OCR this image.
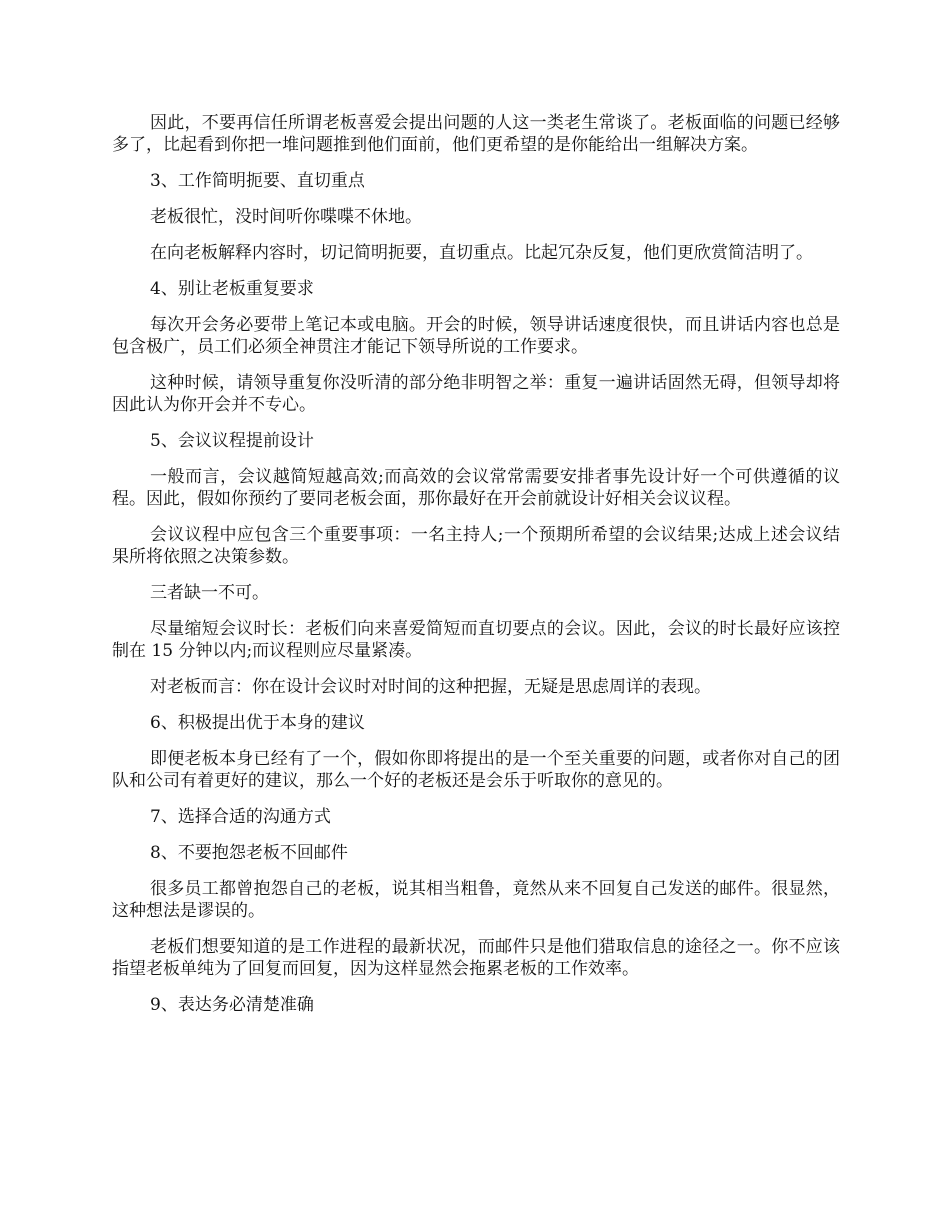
因此，不要再信任所谓老板喜爱会提出问题的人这一类老生常谈了。老板面临的问题已经够多了，比起看到你把一堆问题推到他们面前，他们更希望的是你能给出一组解决方案。

3、工作简明扼要、直切重点

老板很忙，没时间听你喋喋不休地。

在向老板解释内容时，切记简明扼要，直切重点。比起冗杂反复，他们更欣赏简洁明了。

4、别让老板重复要求

每次开会务必要带上笔记本或电脑。开会的时候，领导讲话速度很快，而且讲话内容也总是包含极广，员工们必须全神贯注才能记下领导所说的工作要求。

这种时候，请领导重复你没听清的部分绝非明智之举：重复一遍讲话固然无碍，但领导却将因此认为你开会并不专心。

5、会议议程提前设计

一般而言，会议越简短越高效;而高效的会议常常需要安排者事先设计好一个可供遵循的议程。因此，假如你预约了要同老板会面，那你最好在开会前就设计好相关会议议程。

会议议程中应包含三个重要事项：一名主持人;一个预期所希望的会议结果;达成上述会议结果所将依照之决策参数。

三者缺一不可。

尽量缩短会议时长：老板们向来喜爱简短而直切要点的会议。因此，会议的时长最好应该控制在 15 分钟以内;而议程则应尽量紧凑。

对老板而言：你在设计会议时对时间的这种把握，无疑是思虑周详的表现。

6、积极提出优于本身的建议

即便老板本身已经有了一个，假如你即将提出的是一个至关重要的问题，或者你对自己的团队和公司有着更好的建议，那么一个好的老板还是会乐于听取你的意见的。

7、选择合适的沟通方式

8、不要抱怨老板不回邮件

很多员工都曾抱怨自己的老板，说其相当粗鲁，竟然从来不回复自己发送的邮件。很显然，这种想法是谬误的。

老板们想要知道的是工作进程的最新状况，而邮件只是他们猎取信息的途径之一。你不应该指望老板单纯为了回复而回复，因为这样显然会拖累老板的工作效率。

9、表达务必清楚准确
